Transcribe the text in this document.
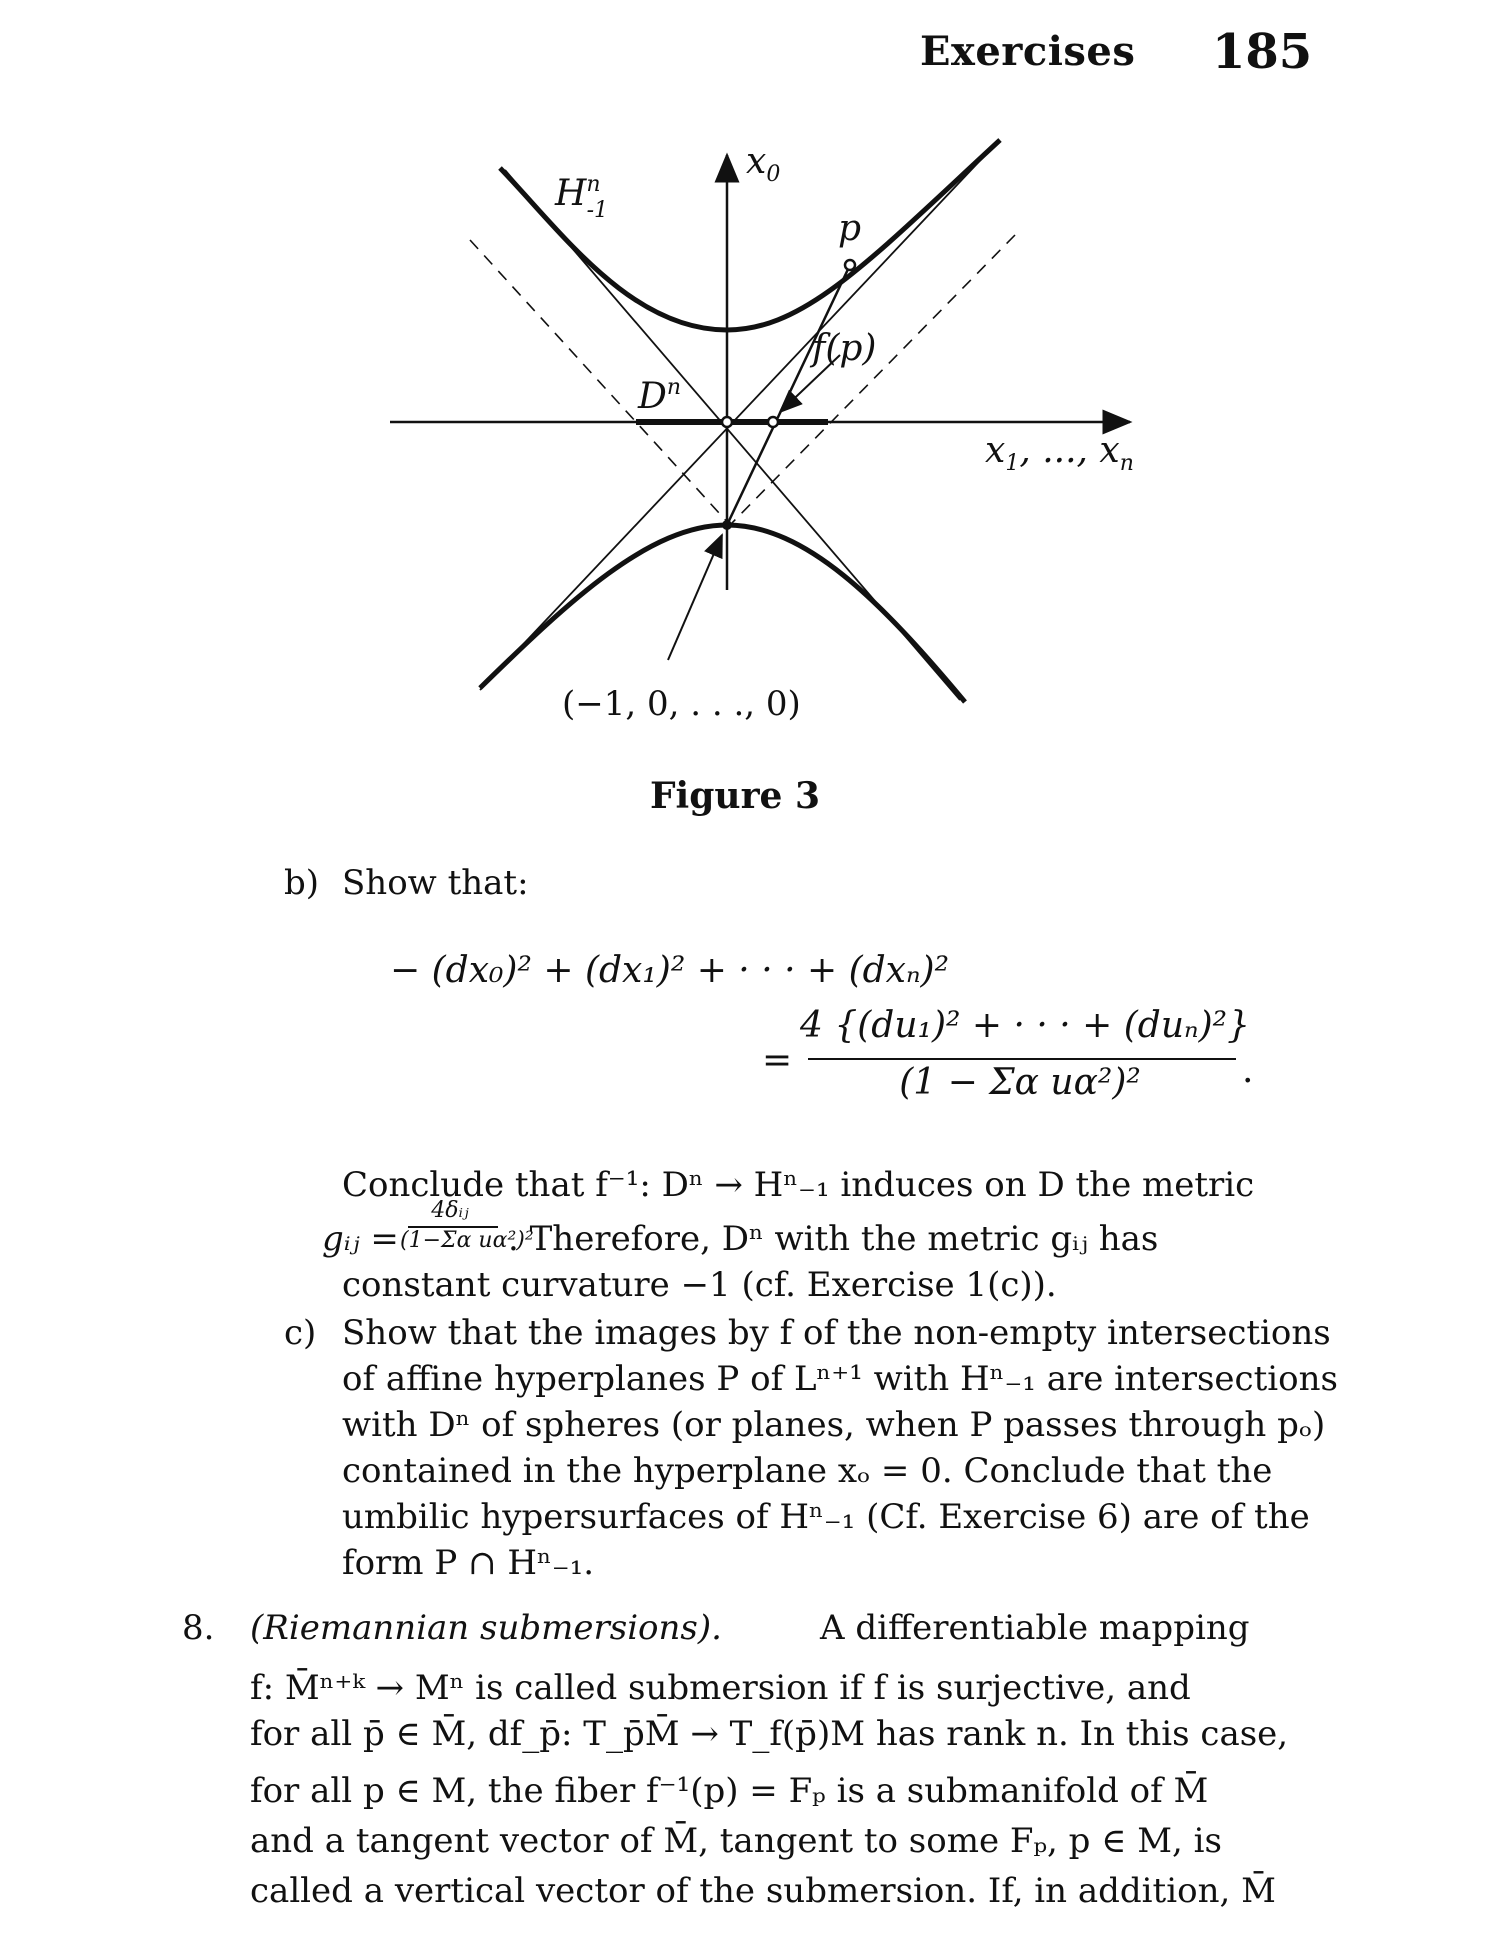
Exercises 185
$x_0$
$H^n$ -1	p
f(p)
$D^n$
$x_1$, ..., $x_n$
(−1, 0, . . ., 0)
Figure 3
b) Show that:
− (dx₀)² + (dx₁)² + · · · + (dxₙ)²
=
4 {(du₁)² + · · · + (duₙ)²}
(1 − Σα uα²)²	.
Conclude that f⁻¹: Dⁿ → Hⁿ₋₁ induces on D the metric
gᵢⱼ =
4δᵢⱼ
(1−Σα uα²)²
. Therefore, Dⁿ with the metric gᵢⱼ has
constant curvature −1 (cf. Exercise 1(c)).
c) Show that the images by f of the non-empty intersections
of affine hyperplanes P of Lⁿ⁺¹ with Hⁿ₋₁ are intersections
with Dⁿ of spheres (or planes, when P passes through pₒ)
contained in the hyperplane xₒ = 0. Conclude that the
umbilic hypersurfaces of Hⁿ₋₁ (Cf. Exercise 6) are of the
form P ∩ Hⁿ₋₁.
8. (Riemannian submersions).	A differentiable mapping
f: M̄ⁿ⁺ᵏ → Mⁿ is called submersion if f is surjective, and
for all p̄ ∈ M̄, df_p̄: T_p̄M̄ → T_f(p̄)M has rank n. In this case,
for all p ∈ M, the fiber f⁻¹(p) = Fₚ is a submanifold of M̄
and a tangent vector of M̄, tangent to some Fₚ, p ∈ M, is
called a vertical vector of the submersion. If, in addition, M̄
